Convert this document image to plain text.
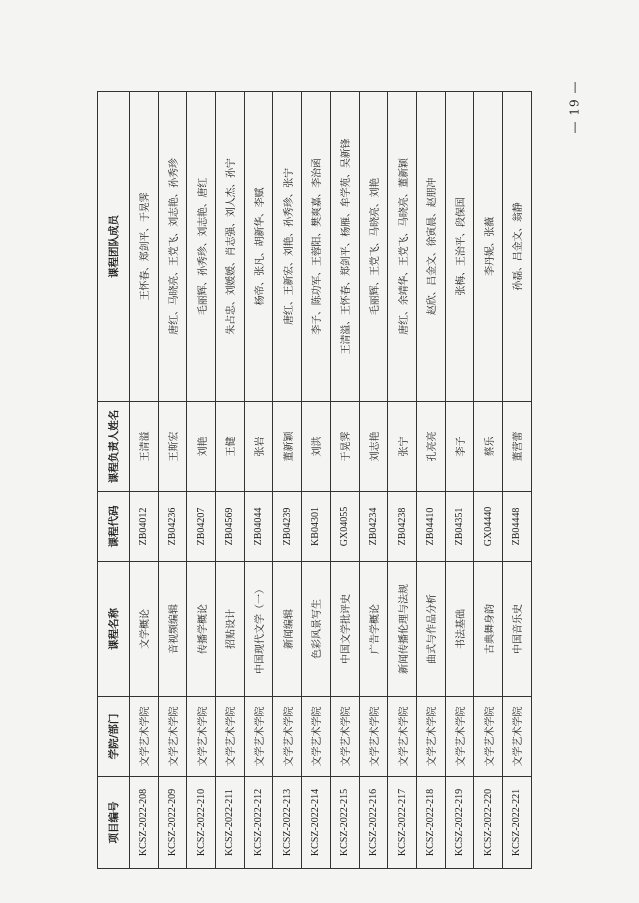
— 19 —
项目编号	学院/部门	课程名称	课程代码	课程负责人姓名	课程团队成员
KCSZ-2022-208	文学艺术学院	文学概论	ZB04012	王清溢	王怀春、郑剑平、于晃霁
KCSZ-2022-209	文学艺术学院	音视频编辑	ZB04236	王斯宏	唐红、马晓亮、王党飞、刘志艳、孙秀珍
KCSZ-2022-210	文学艺术学院	传播学概论	ZB04207	刘艳	毛丽辉、孙秀珍、刘志艳、唐红
KCSZ-2022-211	文学艺术学院	招贴设计	ZB04569	王健	朱占忠、刘媛媛、肖志强、刘人杰、孙宁
KCSZ-2022-212	文学艺术学院	中国现代文学（一）	ZB04044	张岩	杨帝、张凡、胡新华、李赋
KCSZ-2022-213	文学艺术学院	新闻编辑	ZB04239	董新颖	唐红、王新宏、刘艳、孙秀珍、张宁
KCSZ-2022-214	文学艺术学院	色彩风景写生	KB04301	刘洪	李子、陈功军、王蓉阳、樊爽嘉、李治函
KCSZ-2022-215	文学艺术学院	中国文学批评史	GX04055	于晃霁	王清溢、王怀春、郑剑平、杨雁、牟学苑、吴新锋
KCSZ-2022-216	文学艺术学院	广告学概论	ZB04234	刘志艳	毛丽辉、王党飞、马晓亮、刘艳
KCSZ-2022-217	文学艺术学院	新闻传播伦理与法规	ZB04238	张宁	唐红、余靖华、王党飞、马晓亮、董新颖
KCSZ-2022-218	文学艺术学院	曲式与作品分析	ZB04410	孔亮亮	赵欣、吕金文、徐寅晨、赵朋冲
KCSZ-2022-219	文学艺术学院	书法基础	ZB04351	李子	张梅、王治平、段保国
KCSZ-2022-220	文学艺术学院	古典舞身韵	GX04440	蔡乐	李丹妮、张薇
KCSZ-2022-221	文学艺术学院	中国音乐史	ZB04448	董营蕾	孙磊、吕金文、翁静
